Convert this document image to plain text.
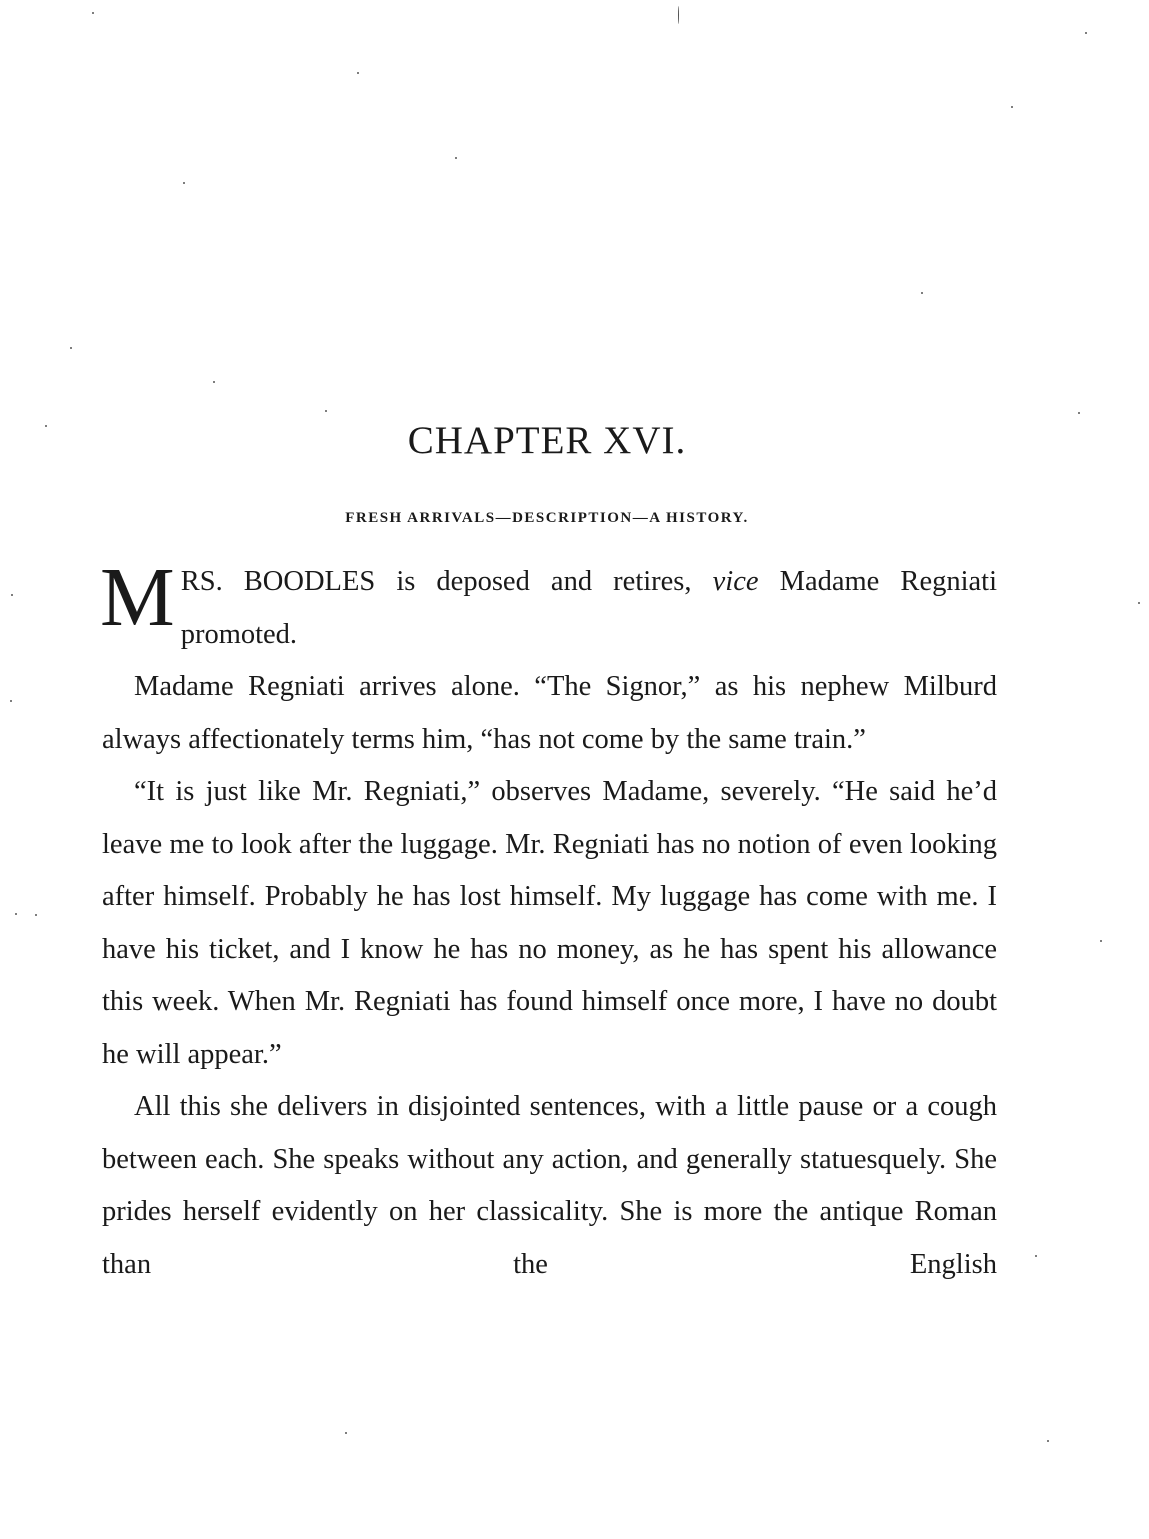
CHAPTER XVI.
FRESH ARRIVALS—DESCRIPTION—A HISTORY.

MRS. BOODLES is deposed and retires, vice Madame Regniati promoted.

Madame Regniati arrives alone. “The Signor,” as his nephew Milburd always affectionately terms him, “has not come by the same train.”

“It is just like Mr. Regniati,” observes Madame, severely. “He said he’d leave me to look after the luggage. Mr. Regniati has no notion of even looking after himself. Probably he has lost himself. My luggage has come with me. I have his ticket, and I know he has no money, as he has spent his allowance this week. When Mr. Regniati has found himself once more, I have no doubt he will appear.”

All this she delivers in disjointed sentences, with a little pause or a cough between each. She speaks without any action, and generally statuesquely. She prides herself evidently on her classicality. She is more the antique Roman than the English
